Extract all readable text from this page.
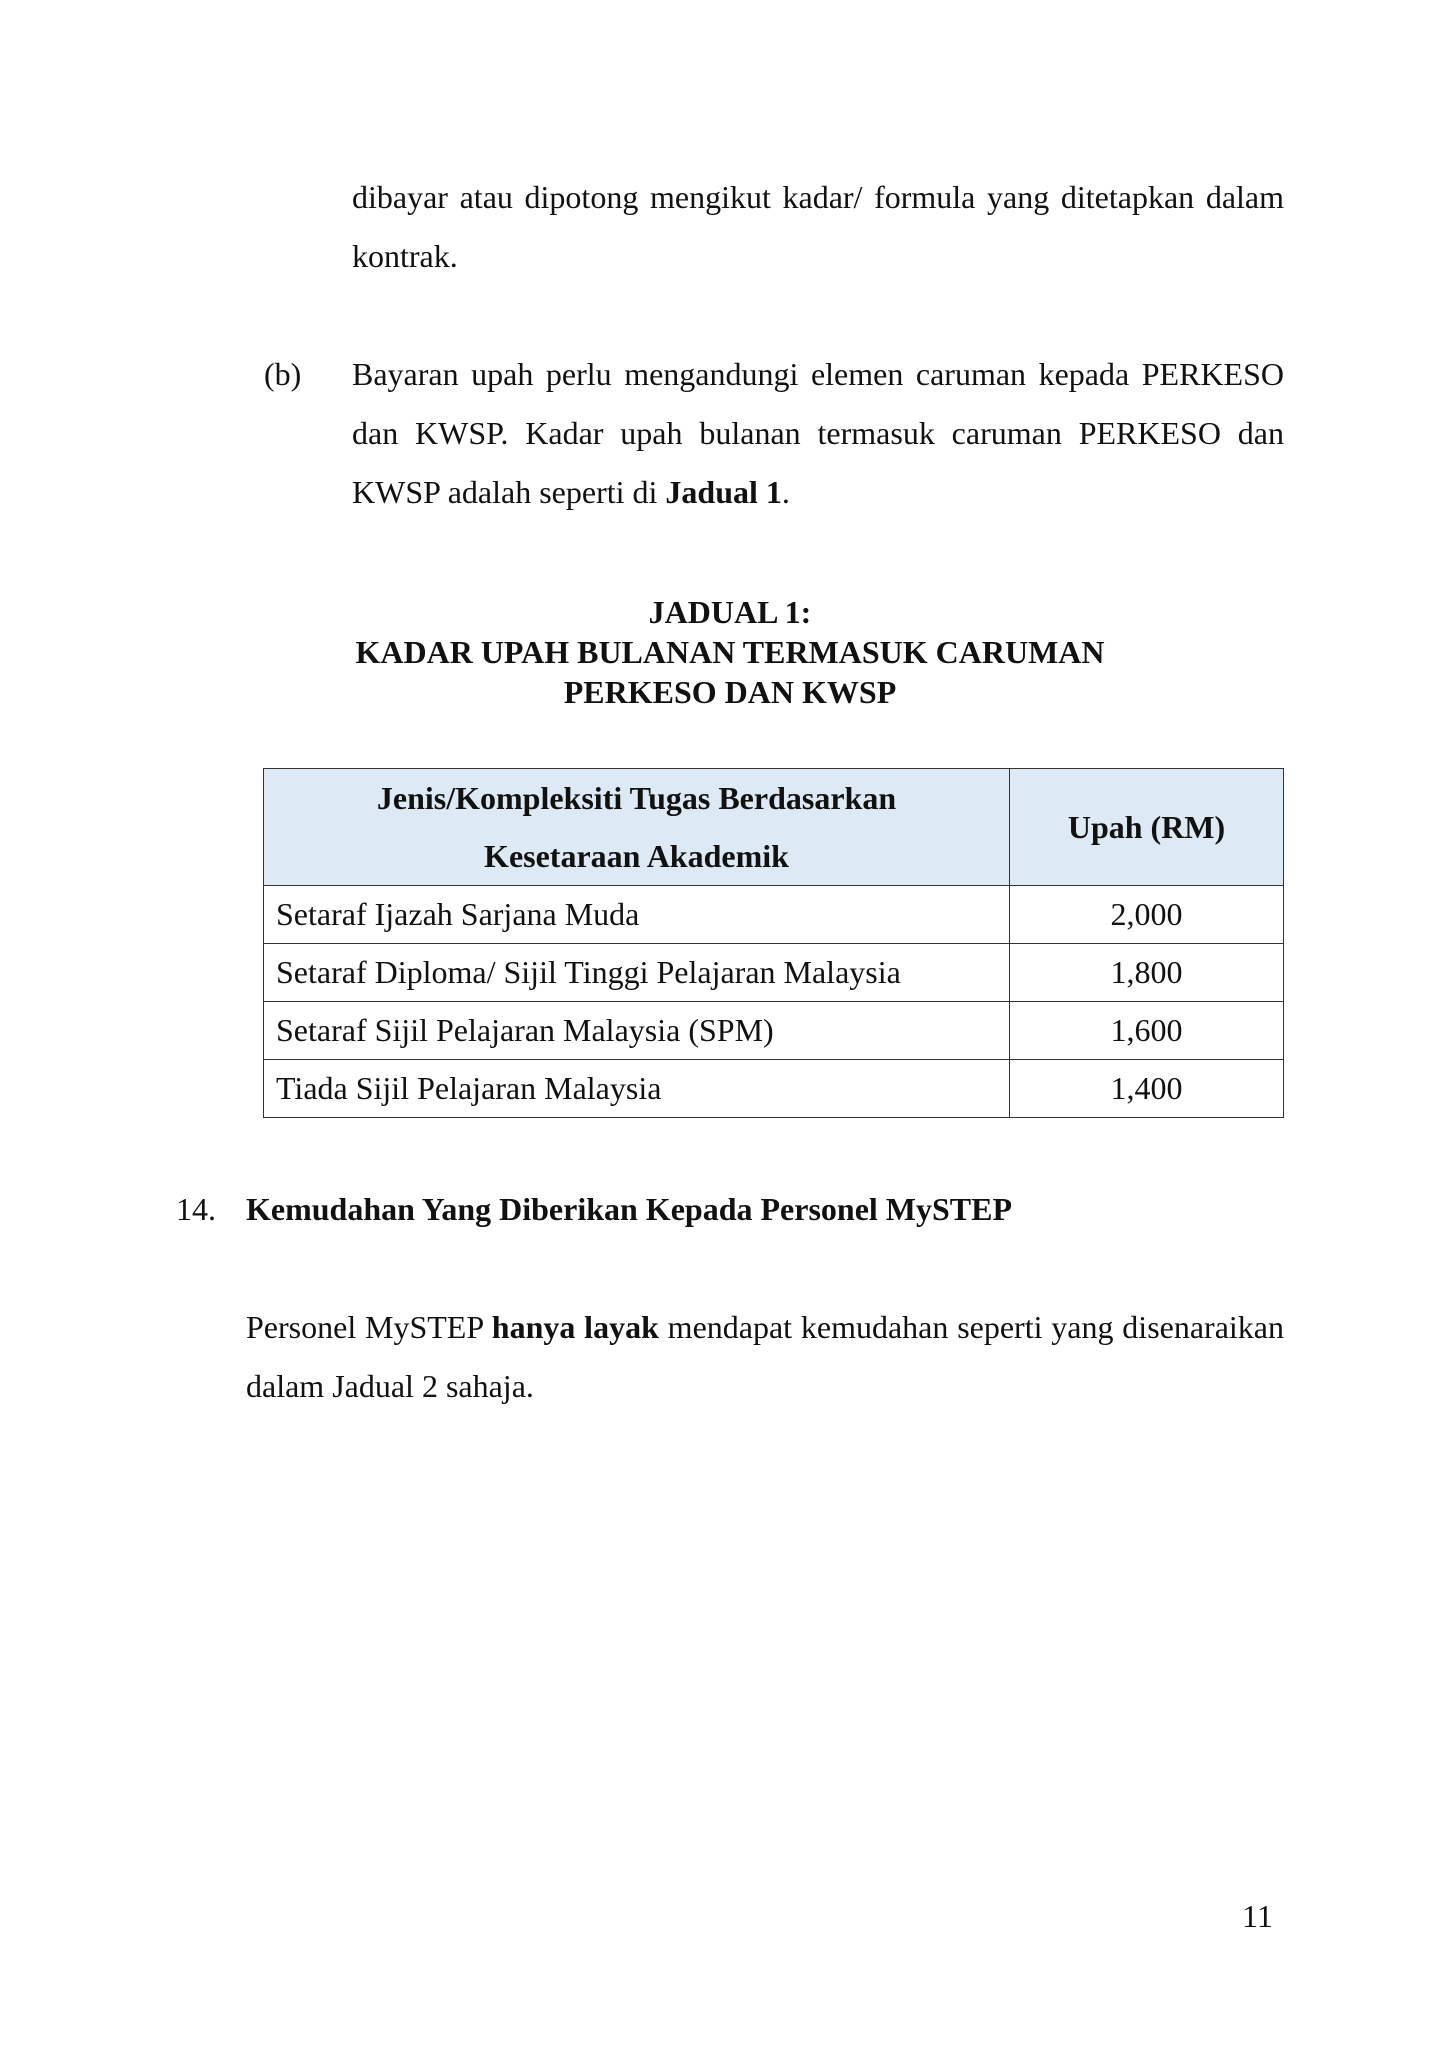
dibayar atau dipotong mengikut kadar/ formula yang ditetapkan dalam kontrak.
(b) Bayaran upah perlu mengandungi elemen caruman kepada PERKESO dan KWSP. Kadar upah bulanan termasuk caruman PERKESO dan KWSP adalah seperti di Jadual 1.
JADUAL 1:
KADAR UPAH BULANAN TERMASUK CARUMAN
PERKESO DAN KWSP
Jenis/Kompleksiti Tugas Berdasarkan
Kesetaraan Akademik	Upah (RM)
Setaraf Ijazah Sarjana Muda	2,000
Setaraf Diploma/ Sijil Tinggi Pelajaran Malaysia	1,800
Setaraf Sijil Pelajaran Malaysia (SPM)	1,600
Tiada Sijil Pelajaran Malaysia	1,400
14. Kemudahan Yang Diberikan Kepada Personel MySTEP
Personel MySTEP hanya layak mendapat kemudahan seperti yang disenaraikan dalam Jadual 2 sahaja.
11
